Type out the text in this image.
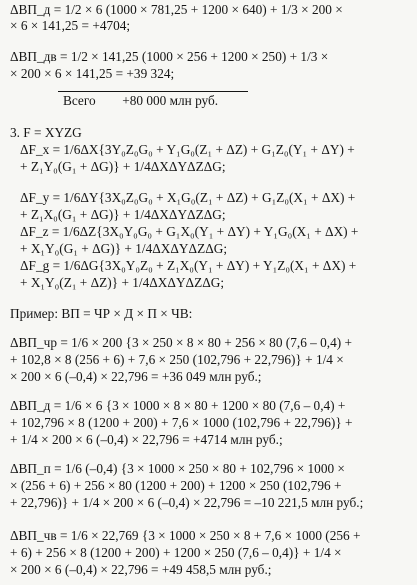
ΔВП_д = 1/2 × 6 (1000 × 781,25 + 1200 × 640) + 1/3 × 200 ×
× 6 × 141,25 = +4704;
ΔВП_дв = 1/2 × 141,25 (1000 × 256 + 1200 × 250) + 1/3 ×
× 200 × 6 × 141,25 = +39 324;
Всего        +80 000 млн руб.
3. F = XYZG
ΔF_x = 1/6ΔX{3Y₀Z₀G₀ + Y₁G₀(Z₁ + ΔZ) + G₁Z₀(Y₁ + ΔY) +
+ Z₁Y₀(G₁ + ΔG)} + 1/4ΔXΔYΔZΔG;
ΔF_y = 1/6ΔY{3X₀Z₀G₀ + X₁G₀(Z₁ + ΔZ) + G₁Z₀(X₁ + ΔX) +
+ Z₁X₀(G₁ + ΔG)} + 1/4ΔXΔYΔZΔG;
ΔF_z = 1/6ΔZ{3X₀Y₀G₀ + G₁X₀(Y₁ + ΔY) + Y₁G₀(X₁ + ΔX) +
+ X₁Y₀(G₁ + ΔG)} + 1/4ΔXΔYΔZΔG;
ΔF_g = 1/6ΔG{3X₀Y₀Z₀ + Z₁X₀(Y₁ + ΔY) + Y₁Z₀(X₁ + ΔX) +
+ X₁Y₀(Z₁ + ΔZ)} + 1/4ΔXΔYΔZΔG;
Пример: ВП = ЧР × Д × П × ЧВ:
ΔВП_чр = 1/6 × 200 {3 × 250 × 8 × 80 + 256 × 80 (7,6 – 0,4) +
+ 102,8 × 8 (256 + 6) + 7,6 × 250 (102,796 + 22,796)} + 1/4 ×
× 200 × 6 (–0,4) × 22,796 = +36 049 млн руб.;
ΔВП_д = 1/6 × 6 {3 × 1000 × 8 × 80 + 1200 × 80 (7,6 – 0,4) +
+ 102,796 × 8 (1200 + 200) + 7,6 × 1000 (102,796 + 22,796)} +
+ 1/4 × 200 × 6 (–0,4) × 22,796 = +4714 млн руб.;
ΔВП_п = 1/6 (–0,4) {3 × 1000 × 250 × 80 + 102,796 × 1000 ×
× (256 + 6) + 256 × 80 (1200 + 200) + 1200 × 250 (102,796 +
+ 22,796)} + 1/4 × 200 × 6 (–0,4) × 22,796 = –10 221,5 млн руб.;
ΔВП_чв = 1/6 × 22,769 {3 × 1000 × 250 × 8 + 7,6 × 1000 (256 +
+ 6) + 256 × 8 (1200 + 200) + 1200 × 250 (7,6 – 0,4)} + 1/4 ×
× 200 × 6 (–0,4) × 22,796 = +49 458,5 млн руб.;
